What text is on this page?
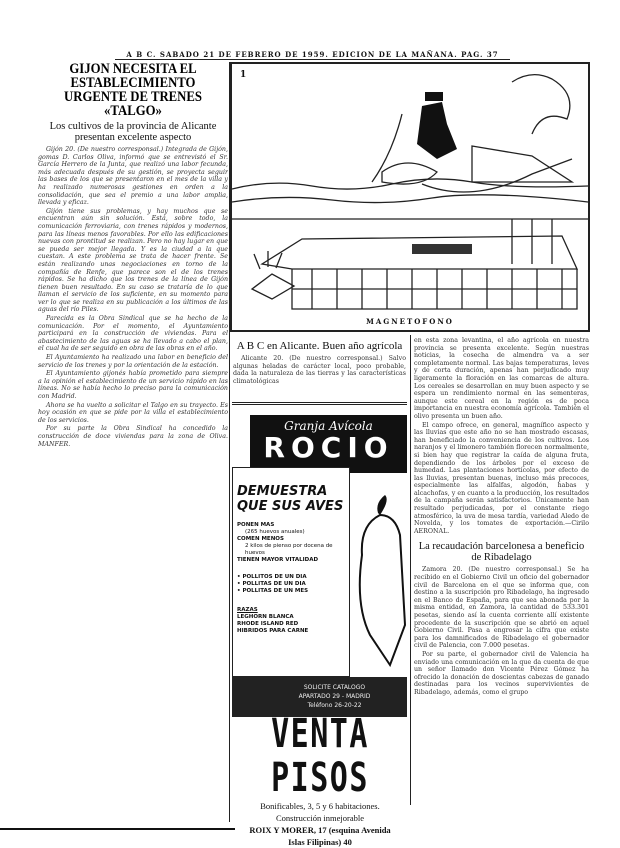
A B C. SABADO 21 DE FEBRERO DE 1959. EDICION DE LA MAÑANA. PAG. 37
GIJON NECESITA EL ESTABLECIMIENTO URGENTE DE TRENES «TALGO»
Los cultivos de la provincia de Alicante presentan excelente aspecto

Gijón 20. (De nuestro corresponsal.) Integrada de Gijón, gomas D. Carlos Oliva, informó que se entrevistó el Sr. García Herrero de la Junta, que realizó una labor fecunda, más adecuada después de su gestión, se proyecta seguir las bases de los que se presentaron en el mes de la villa y ha realizado numerosas gestiones en orden a la consolidación, que sea el premio a una labor amplia, llevada y eficaz.

Gijón tiene sus problemas, y hay muchos que se encuentran aún sin solución. Está, sobre todo, la comunicación ferroviaria, con trenes rápidos y modernos, para las líneas menos favorables. Por ello las edificaciones nuevas con prontitud se realizan. Pero no hay lugar en que se pueda ser mejor llegada. Y es la ciudad a la que cuestan. A este problema se trata de hacer frente. Se están realizando unas negociaciones en torno de la compañía de Renfe, que parece son el de los trenes rápidos. Se ha dicho que los trenes de la línea de Gijón tienen buen resultado. En su caso se trataría de lo que llaman el servicio de los suficiente, en su momento para ver lo que se realiza en su publicación a los últimos de las aguas del río Piles.

Parecida es la Obra Sindical que se ha hecho de la comunicación. Por el momento, el Ayuntamiento participará en la construcción de viviendas. Para el abastecimiento de las aguas se ha llevado a cabo el plan, el cual ha de ser seguido en obra de las obras en el año.

El Ayuntamiento ha realizado una labor en beneficio del servicio de los trenes y por la orientación de la estación.

El Ayuntamiento gijonés había prometido para siempre a la opinión el establecimiento de un servicio rápido en las líneas. No se había hecho lo preciso para la comunicación con Madrid.

Ahora se ha vuelto a solicitar el Talgo en su trayecto. Es hoy ocasión en que se pide por la villa el establecimiento de los servicios.

Por su parte la Obra Sindical ha concedido la construcción de doce viviendas para la zona de Oliva. MANFER.

1
MAGNETOFONO
A B C en Alicante. Buen año agrícola

Alicante 20. (De nuestro corresponsal.) Salvo algunas heladas de carácter local, poco probable, dada la naturaleza de las tierras y las características climatológicas

Granja Avícola
ROCIO
DEMUESTRA QUE SUS AVES
PONEN MAS
(265 huevos anuales)
COMEN MENOS
2 kilos de pienso por docena de huevos
TIENEN MAYOR VITALIDAD
• POLLITOS DE UN DIA
• POLLITAS DE UN DIA
• POLLITAS DE UN MES
RAZAS
LEGHORN BLANCA
RHODE ISLAND RED
HIBRIDOS PARA CARNE
SOLICITE CATALOGO
APARTADO 29 - MADRID
Teléfono 26-20-22
VENTA PISOS
Bonificables, 3, 5 y 6 habitaciones.
Construcción inmejorable
ROIX Y MORER, 17 (esquina Avenida
Islas Filipinas) 40

en esta zona levantina, el año agrícola en nuestra provincia se presenta excelente. Según nuestras noticias, la cosecha de almendra va a ser completamente normal. Las bajas temperaturas, leves y de corta duración, apenas han perjudicado muy ligeramente la floración en las comarcas de altura. Los cereales se desarrollan en muy buen aspecto y se espera un rendimiento normal en las sementeras, aunque este cereal en la región es de poca importancia en nuestra economía agrícola. También el olivo presenta un buen año.

El campo ofrece, en general, magnífico aspecto y las lluvias que este año no se han mostrado escasas, han beneficiado la conveniencia de los cultivos. Los naranjos y el limonero también florecen normalmente, si bien hay que registrar la caída de alguna fruta, dependiendo de los árboles por el exceso de humedad. Las plantaciones hortícolas, por efecto de las lluvias, presentan buenas, incluso más precoces, especialmente las alfalfas, algodón, habas y alcachofas, y en cuanto a la producción, los resultados de la campaña serán satisfactorios. Únicamente han resultado perjudicadas, por el constante riego atmosférico, la uva de mesa tardía, variedad Aledo de Novelda, y los tomates de exportación.—Cirilo AERONAL.

La recaudación barcelonesa a beneficio de Ribadelago

Zamora 20. (De nuestro corresponsal.) Se ha recibido en el Gobierno Civil un oficio del gobernador civil de Barcelona en el que se informa que, con destino a la suscripción pro Ribadelago, ha ingresado en el Banco de España, para que sea abonada por la misma entidad, en Zamora, la cantidad de 533.301 pesetas, siendo así la cuenta corriente allí existente procedente de la suscripción que se abrió en aquel Gobierno Civil. Pasa a engrosar la cifra que existe para los damnificados de Ribadelago el gobernador civil de Palencia, con 7.000 pesetas.

Por su parte, el gobernador civil de Valencia ha enviado una comunicación en la que da cuenta de que un señor llamado don Vicente Pérez Gómez ha ofrecido la donación de doscientas cabezas de ganado destinadas para los vecinos supervivientes de Ribadelago, además, como el grupo
